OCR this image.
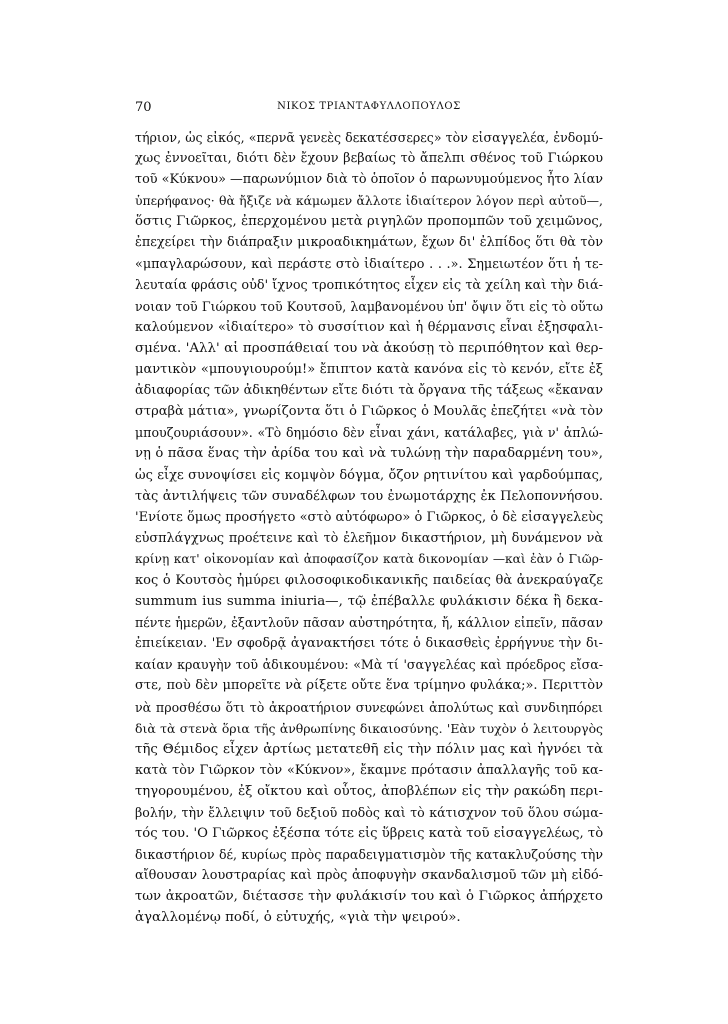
70	ΝΙΚΟΣ ΤΡΙΑΝΤΑΦΥΛΛΟΠΟΥΛΟΣ
τήριον, ὡς εἰκός, «περνᾶ γενεὲς δεκατέσσερες» τὸν εἰσαγγελέα, ἐνδομύ-
χως ἐννοεῖται, διότι δὲν ἔχουν βεβαίως τὸ ἄπελπι σθένος τοῦ Γιώρκου
τοῦ «Κύκνου» —παρωνύμιον διὰ τὸ ὁποῖον ὁ παρωνυμούμενος ἦτο λίαν
ὑπερήφανος· θὰ ἤξιζε νὰ κάμωμεν ἄλλοτε ἰδιαίτερον λόγον περὶ αὐτοῦ—,
ὅστις Γιῶρκος, ἐπερχομένου μετὰ ριγηλῶν προπομπῶν τοῦ χειμῶνος,
ἐπεχείρει τὴν διάπραξιν μικροαδικημάτων, ἔχων δι' ἐλπίδος ὅτι θὰ τὸν
«μπαγλαρώσουν, καὶ περάστε στὸ ἰδιαίτερο . . .». Σημειωτέον ὅτι ἡ τε-
λευταία φράσις οὐδ' ἴχνος τροπικότητος εἶχεν εἰς τὰ χείλη καὶ τὴν διά-
νοιαν τοῦ Γιώρκου τοῦ Κουτσοῦ, λαμβανομένου ὑπ' ὄψιν ὅτι εἰς τὸ οὕτω
καλούμενον «ἰδιαίτερο» τὸ συσσίτιον καὶ ἡ θέρμανσις εἶναι ἐξησφαλι-
σμένα. 'Αλλ' αἱ προσπάθειαί του νὰ ἀκούσῃ τὸ περιπόθητον καὶ θερ-
μαντικὸν «μπουγιουρούμ!» ἔπιπτον κατὰ κανόνα εἰς τὸ κενόν, εἴτε ἐξ
ἀδιαφορίας τῶν ἀδικηθέντων εἴτε διότι τὰ ὄργανα τῆς τάξεως «ἔκαναν
στραβὰ μάτια», γνωρίζοντα ὅτι ὁ Γιῶρκος ὁ Μουλᾶς ἐπεζήτει «νὰ τὸν
μπουζουριάσουν». «Τὸ δημόσιο δὲν εἶναι χάνι, κατάλαβες, γιὰ ν' ἀπλώ-
νῃ ὁ πᾶσα ἕνας τὴν ἀρίδα του καὶ νὰ τυλώνῃ τὴν παραδαρμένη του»,
ὡς εἶχε συνοψίσει εἰς κομψὸν δόγμα, ὄζον ρητινίτου καὶ γαρδούμπας,
τὰς ἀντιλήψεις τῶν συναδέλφων του ἐνωμοτάρχης ἐκ Πελοποννήσου.
'Ενίοτε ὅμως προσήγετο «στὸ αὐτόφωρο» ὁ Γιῶρκος, ὁ δὲ εἰσαγγελεὺς
εὐσπλάγχνως προέτεινε καὶ τὸ ἐλεῆμον δικαστήριον, μὴ δυνάμενον νὰ
κρίνῃ κατ' οἰκονομίαν καὶ ἀποφασίζον κατὰ δικονομίαν —καὶ ἐὰν ὁ Γιῶρ-
κος ὁ Κουτσὸς ἠμύρει φιλοσοφικοδικανικῆς παιδείας θὰ ἀνεκραύγαζε
summum ius summa iniuria—, τῷ ἐπέβαλλε φυλάκισιν δέκα ἢ δεκα-
πέντε ἡμερῶν, ἐξαντλοῦν πᾶσαν αὐστηρότητα, ἤ, κάλλιον εἰπεῖν, πᾶσαν
ἐπιείκειαν. 'Εν σφοδρᾷ ἀγανακτήσει τότε ὁ δικασθεὶς ἐρρήγνυε τὴν δι-
καίαν κραυγὴν τοῦ ἀδικουμένου: «Μὰ τί 'σαγγελέας καὶ πρόεδρος εἴσα-
στε, ποὺ δὲν μπορεῖτε νὰ ρίξετε οὔτε ἕνα τρίμηνο φυλάκα;». Περιττὸν
νὰ προσθέσω ὅτι τὸ ἀκροατήριον συνεφώνει ἀπολύτως καὶ συνδιηπόρει
διὰ τὰ στενὰ ὅρια τῆς ἀνθρωπίνης δικαιοσύνης. 'Εὰν τυχὸν ὁ λειτουργὸς
τῆς Θέμιδος εἶχεν ἀρτίως μετατεθῆ εἰς τὴν πόλιν μας καὶ ἠγνόει τὰ
κατὰ τὸν Γιῶρκον τὸν «Κύκνον», ἔκαμνε πρότασιν ἀπαλλαγῆς τοῦ κα-
τηγορουμένου, ἐξ οἴκτου καὶ οὗτος, ἀποβλέπων εἰς τὴν ρακώδη περι-
βολήν, τὴν ἔλλειψιν τοῦ δεξιοῦ ποδὸς καὶ τὸ κάτισχνον τοῦ ὅλου σώμα-
τός του. 'Ο Γιῶρκος ἐξέσπα τότε εἰς ὕβρεις κατὰ τοῦ εἰσαγγελέως, τὸ
δικαστήριον δέ, κυρίως πρὸς παραδειγματισμὸν τῆς κατακλυζούσης τὴν
αἴθουσαν λουστραρίας καὶ πρὸς ἀποφυγὴν σκανδαλισμοῦ τῶν μὴ εἰδό-
των ἀκροατῶν, διέτασσε τὴν φυλάκισίν του καὶ ὁ Γιῶρκος ἀπήρχετο
ἀγαλλομένῳ ποδί, ὁ εὐτυχής, «γιὰ τὴν ψειρού».
